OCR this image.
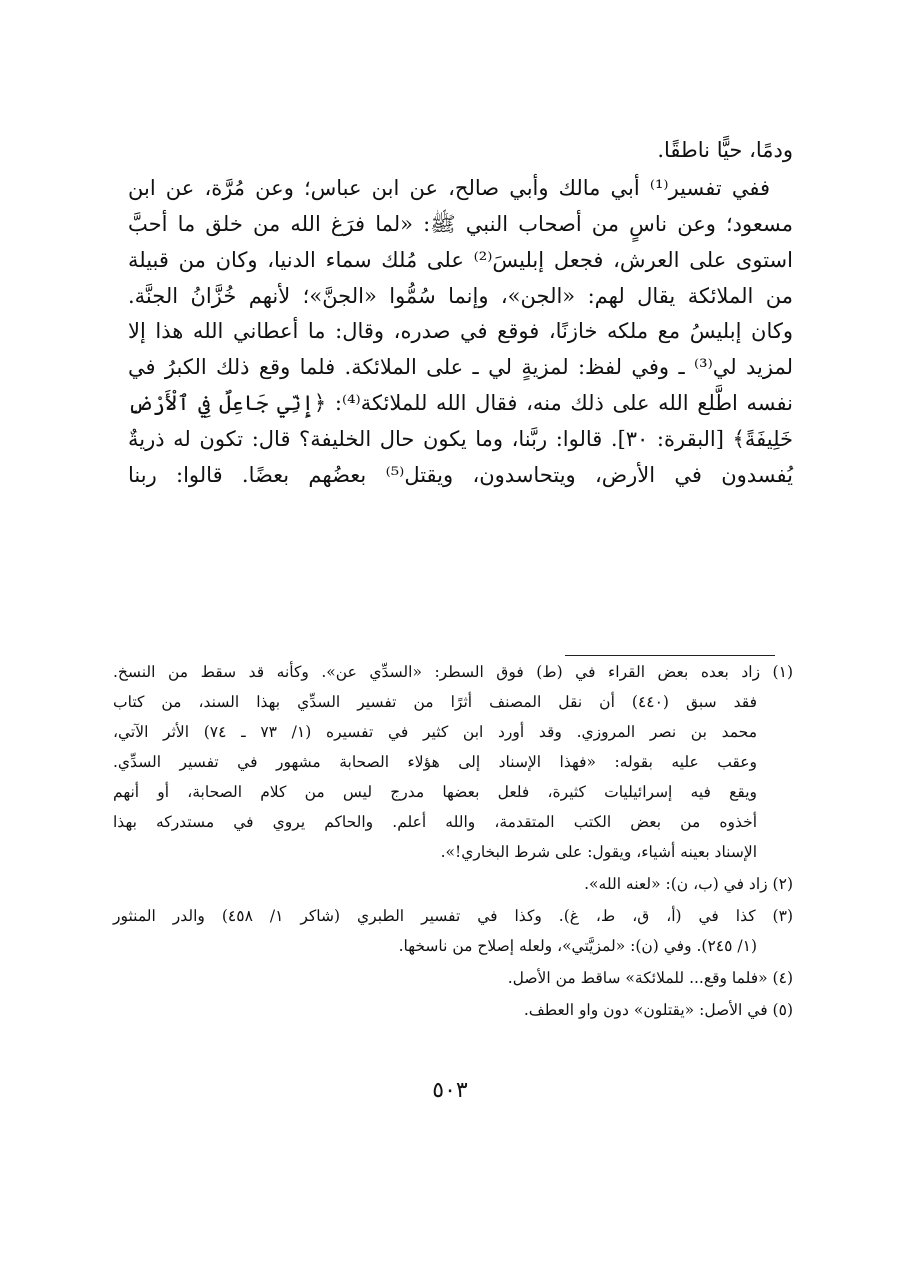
ودمًا، حيًّا ناطقًا.
ففي تفسير⁽¹⁾ أبي مالك وأبي صالح، عن ابن عباس؛ وعن مُرَّة، عن ابن
مسعود؛ وعن ناسٍ من أصحاب النبي ﷺ: «لما فرَغ الله من خلق ما أحبَّ
استوى على العرش، فجعل إبليسَ⁽²⁾ على مُلك سماء الدنيا، وكان من قبيلة
من الملائكة يقال لهم: «الجن»، وإنما سُمُّوا «الجنَّ»؛ لأنهم خُزَّانُ الجنَّة.
وكان إبليسُ مع ملكه خازنًا، فوقع في صدره، وقال: ما أعطاني الله هذا إلا
لمزيد لي⁽³⁾ ـ وفي لفظ: لمزيةٍ لي ـ على الملائكة. فلما وقع ذلك الكبرُ في
نفسه اطَّلع الله على ذلك منه، فقال الله للملائكة⁽⁴⁾: ﴿إِنِّي جَاعِلٌ فِي ٱلْأَرْضِ
خَلِيفَةً﴾ [البقرة: ٣٠]. قالوا: ربَّنا، وما يكون حال الخليفة؟ قال: تكون له ذريةٌ
يُفسدون في الأرض، ويتحاسدون، ويقتل⁽⁵⁾ بعضُهم بعضًا. قالوا: ربنا
(١) زاد بعده بعض القراء في (ط) فوق السطر: «السدِّي عن». وكأنه قد سقط من النسخ.
فقد سبق (٤٤٠) أن نقل المصنف أثرًا من تفسير السدِّي بهذا السند، من كتاب
محمد بن نصر المروزي. وقد أورد ابن كثير في تفسيره (١/ ٧٣ ـ ٧٤) الأثر الآتي،
وعقب عليه بقوله: «فهذا الإسناد إلى هؤلاء الصحابة مشهور في تفسير السدِّي.
ويقع فيه إسرائيليات كثيرة، فلعل بعضها مدرج ليس من كلام الصحابة، أو أنهم
أخذوه من بعض الكتب المتقدمة، والله أعلم. والحاكم يروي في مستدركه بهذا
الإسناد بعينه أشياء، ويقول: على شرط البخاري!».
(٢) زاد في (ب، ن): «لعنه الله».
(٣) كذا في (أ، ق، ط، غ). وكذا في تفسير الطبري (شاكر ١/ ٤٥٨) والدر المنثور
(١/ ٢٤٥). وفي (ن): «لمزيَّتي»، ولعله إصلاح من ناسخها.
(٤) «فلما وقع... للملائكة» ساقط من الأصل.
(٥) في الأصل: «يقتلون» دون واو العطف.
٥٠٣
